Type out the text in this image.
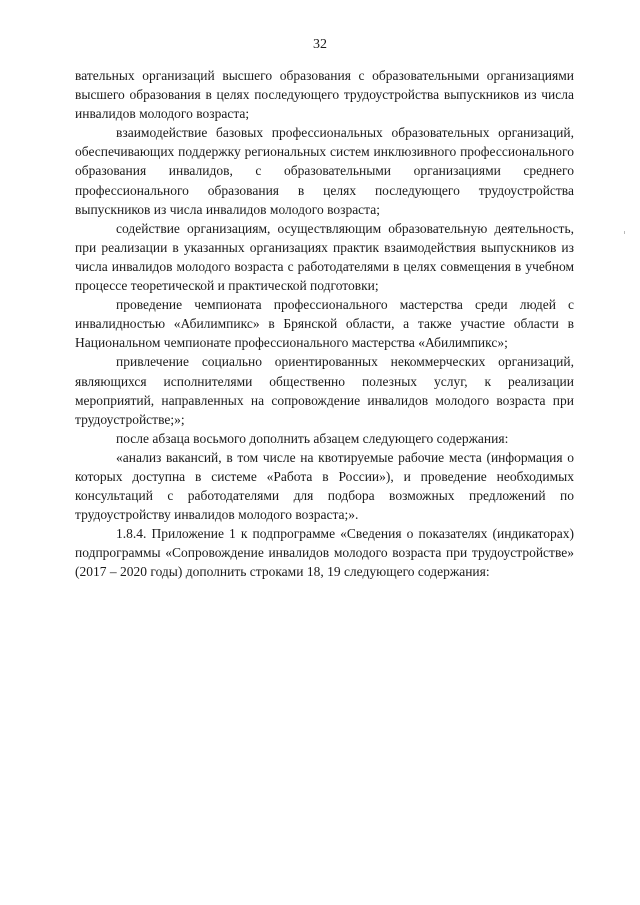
32

вательных организаций высшего образования с образовательными организациями высшего образования в целях последующего трудоустройства выпускников из числа инвалидов молодого возраста;

взаимодействие базовых профессиональных образовательных организаций, обеспечивающих поддержку региональных систем инклюзивного профессионального образования инвалидов, с образовательными организациями среднего профессионального образования в целях последующего трудоустройства выпускников из числа инвалидов молодого возраста;

содействие организациям, осуществляющим образовательную деятельность, при реализации в указанных организациях практик взаимодействия выпускников из числа инвалидов молодого возраста с работодателями в целях совмещения в учебном процессе теоретической и практической подготовки;

проведение чемпионата профессионального мастерства среди людей с инвалидностью «Абилимпикс» в Брянской области, а также участие области в Национальном чемпионате профессионального мастерства «Абилимпикс»;

привлечение социально ориентированных некоммерческих организаций, являющихся исполнителями общественно полезных услуг, к реализации мероприятий, направленных на сопровождение инвалидов молодого возраста при трудоустройстве;»;

после абзаца восьмого дополнить абзацем следующего содержания:

«анализ вакансий, в том числе на квотируемые рабочие места (информация о которых доступна в системе «Работа в России»), и проведение необходимых консультаций с работодателями для подбора возможных предложений по трудоустройству инвалидов молодого возраста;».

1.8.4. Приложение 1 к подпрограмме «Сведения о показателях (индикаторах) подпрограммы «Сопровождение инвалидов молодого возраста при трудоустройстве» (2017 – 2020 годы) дополнить строками 18, 19 следующего содержания:
